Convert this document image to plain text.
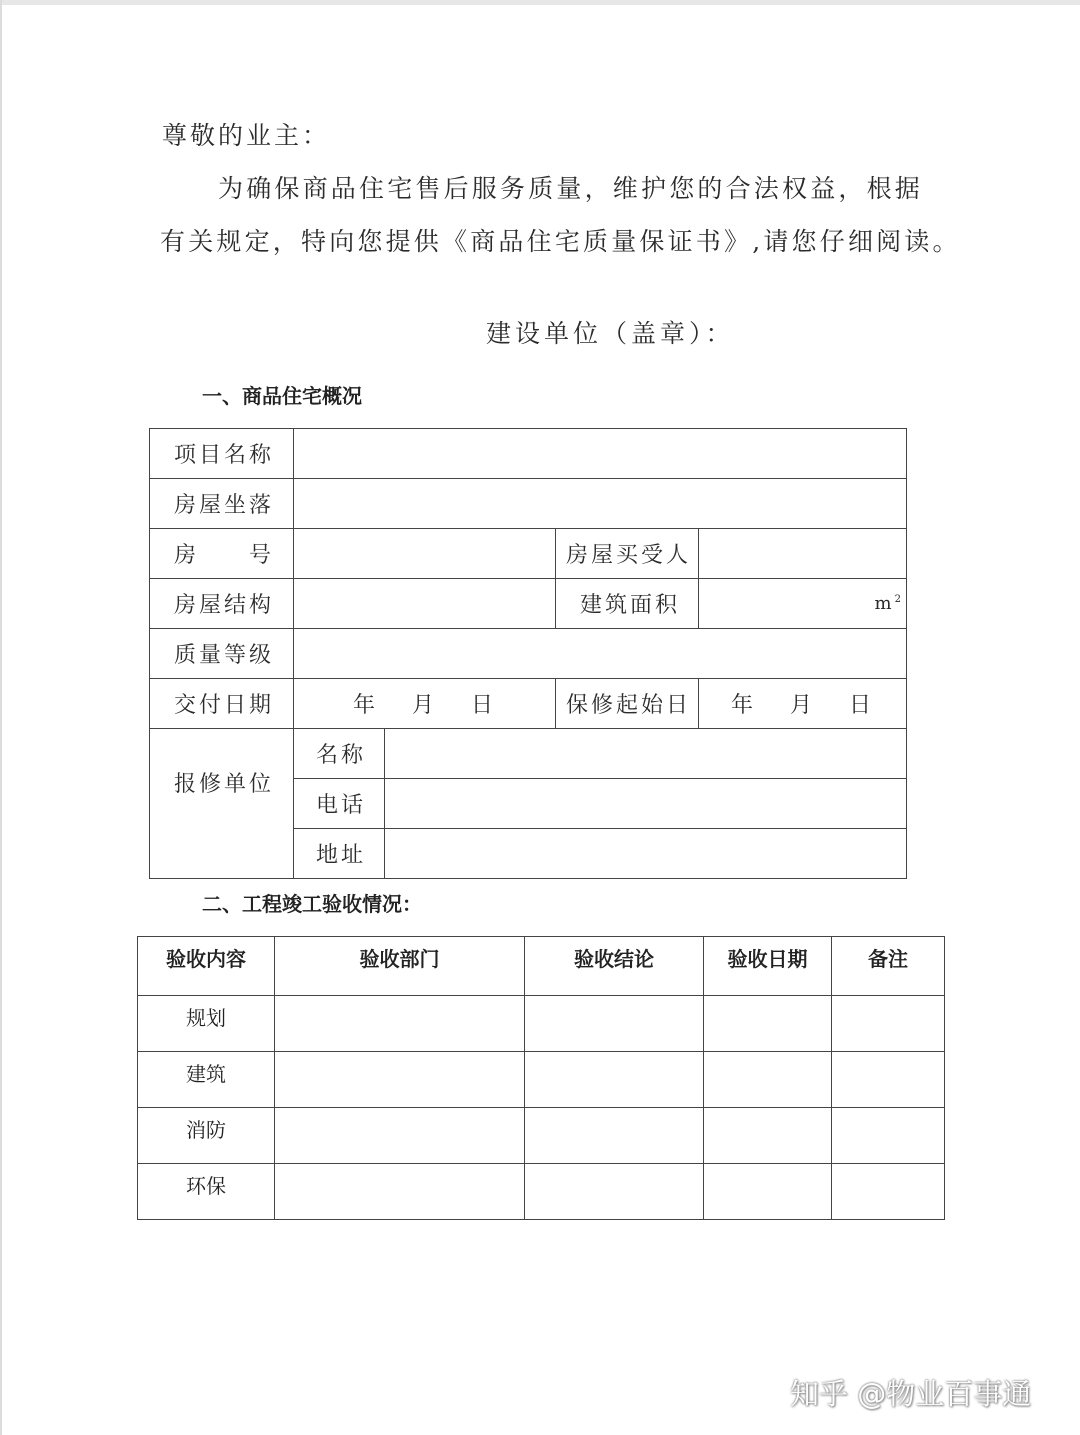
尊敬的业主：
为确保商品住宅售后服务质量，维护您的合法权益，根据
有关规定，特向您提供《商品住宅质量保证书》,请您仔细阅读。
建设单位（盖章）：
一、商品住宅概况
项目名称				
房屋坐落				
房　　号			房屋买受人	
房屋结构			建筑面积	$m^2$
质量等级				
交付日期	年 月 日		保修起始日	年 月 日
报修单位	名称			
	电话			
	地址			
二、工程竣工验收情况：
验收内容	验收部门	验收结论	验收日期	备注
规划				
建筑				
消防				
环保				
知乎 @物业百事通
